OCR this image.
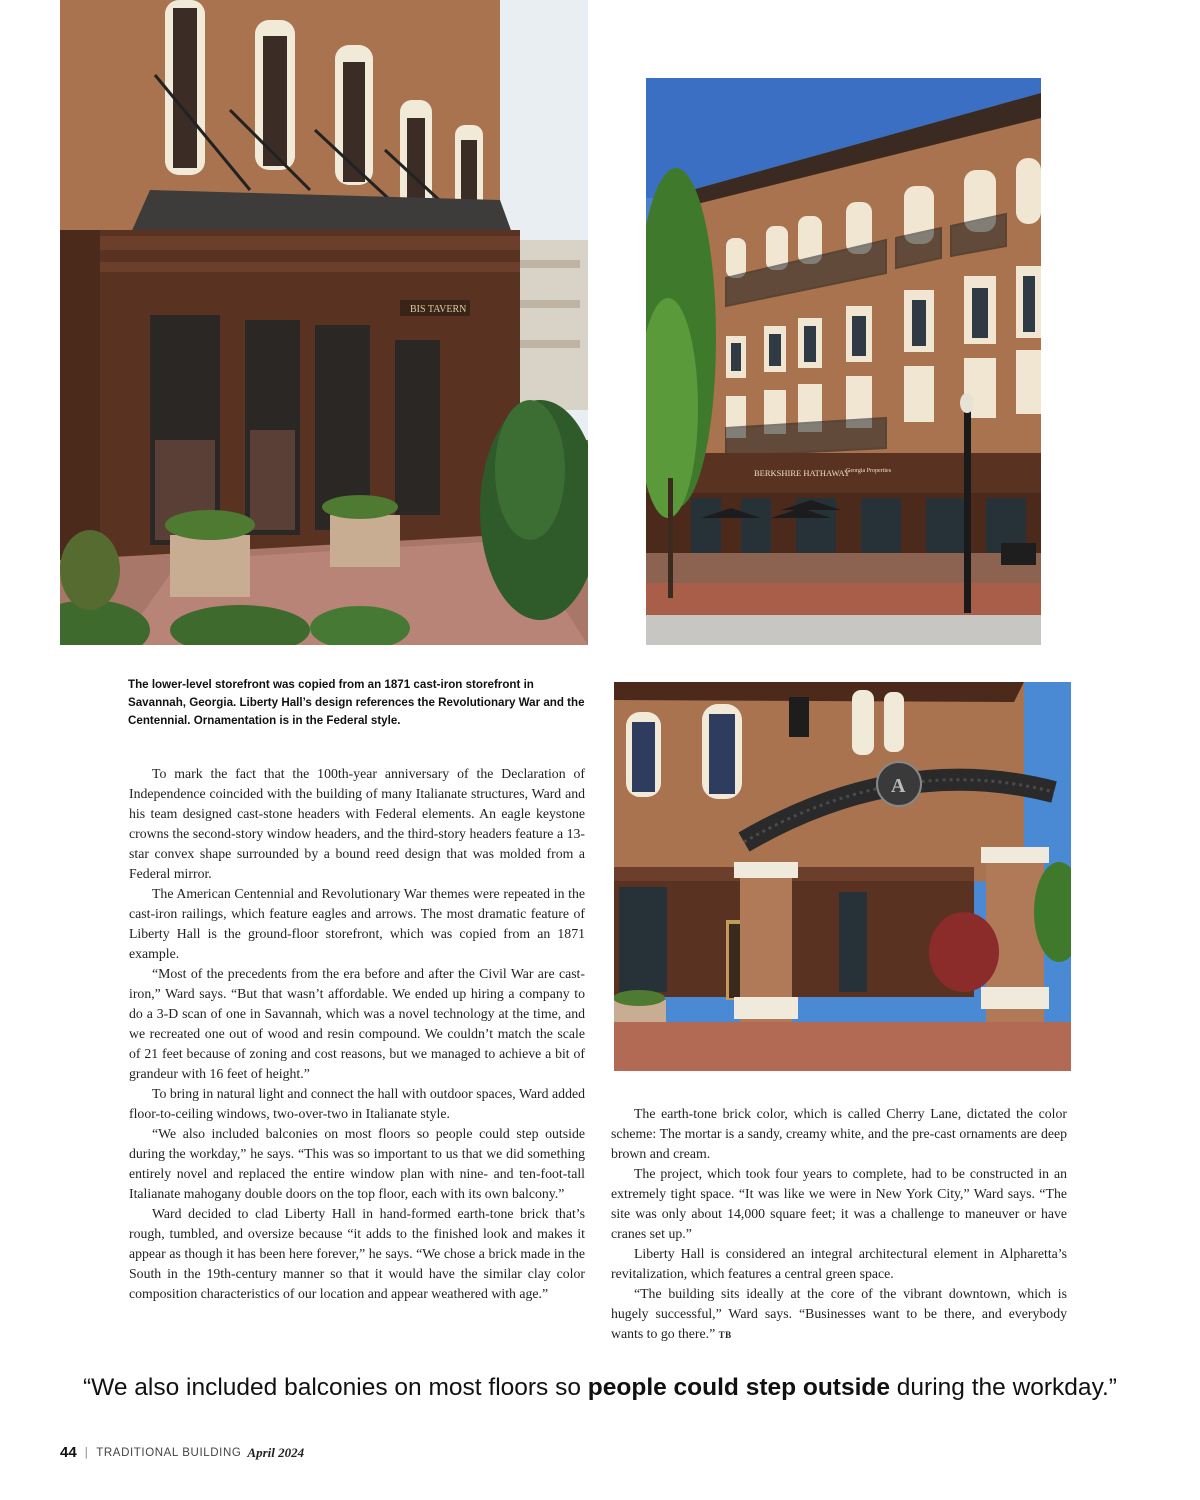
BIS TAVERN
BERKSHIRE HATHAWAY
Georgia Properties
A
The lower-level storefront was copied from an 1871 cast-iron storefront in Savannah, Georgia. Liberty Hall’s design references the Revolutionary War and the Centennial. Ornamentation is in the Federal style.

To mark the fact that the 100th-year anniversary of the Declaration of Independence coincided with the building of many Italianate structures, Ward and his team designed cast-stone headers with Federal elements. An eagle keystone crowns the second-story window headers, and the third-story headers feature a 13-star convex shape surrounded by a bound reed design that was molded from a Federal mirror.

The American Centennial and Revolutionary War themes were repeated in the cast-iron railings, which feature eagles and arrows. The most dramatic feature of Liberty Hall is the ground-floor storefront, which was copied from an 1871 example.

“Most of the precedents from the era before and after the Civil War are cast-iron,” Ward says. “But that wasn’t affordable. We ended up hiring a company to do a 3-D scan of one in Savannah, which was a novel technology at the time, and we recreated one out of wood and resin compound. We couldn’t match the scale of 21 feet because of zoning and cost reasons, but we managed to achieve a bit of grandeur with 16 feet of height.”

To bring in natural light and connect the hall with outdoor spaces, Ward added floor-to-ceiling windows, two-over-two in Italianate style.

“We also included balconies on most floors so people could step outside during the workday,” he says. “This was so important to us that we did something entirely novel and replaced the entire window plan with nine- and ten-foot-tall Italianate mahogany double doors on the top floor, each with its own balcony.”

Ward decided to clad Liberty Hall in hand-formed earth-tone brick that’s rough, tumbled, and oversize because “it adds to the finished look and makes it appear as though it has been here forever,” he says. “We chose a brick made in the South in the 19th-century manner so that it would have the similar clay color composition characteristics of our location and appear weathered with age.”

The earth-tone brick color, which is called Cherry Lane, dictated the color scheme: The mortar is a sandy, creamy white, and the pre-cast ornaments are deep brown and cream.

The project, which took four years to complete, had to be constructed in an extremely tight space. “It was like we were in New York City,” Ward says. “The site was only about 14,000 square feet; it was a challenge to maneuver or have cranes set up.”

Liberty Hall is considered an integral architectural element in Alpharetta’s revitalization, which features a central green space.

“The building sits ideally at the core of the vibrant downtown, which is hugely successful,” Ward says. “Businesses want to be there, and everybody wants to go there.” TB

“We also included balconies on most floors so people could step outside during the workday.”
44 | TRADITIONAL BUILDING April 2024
